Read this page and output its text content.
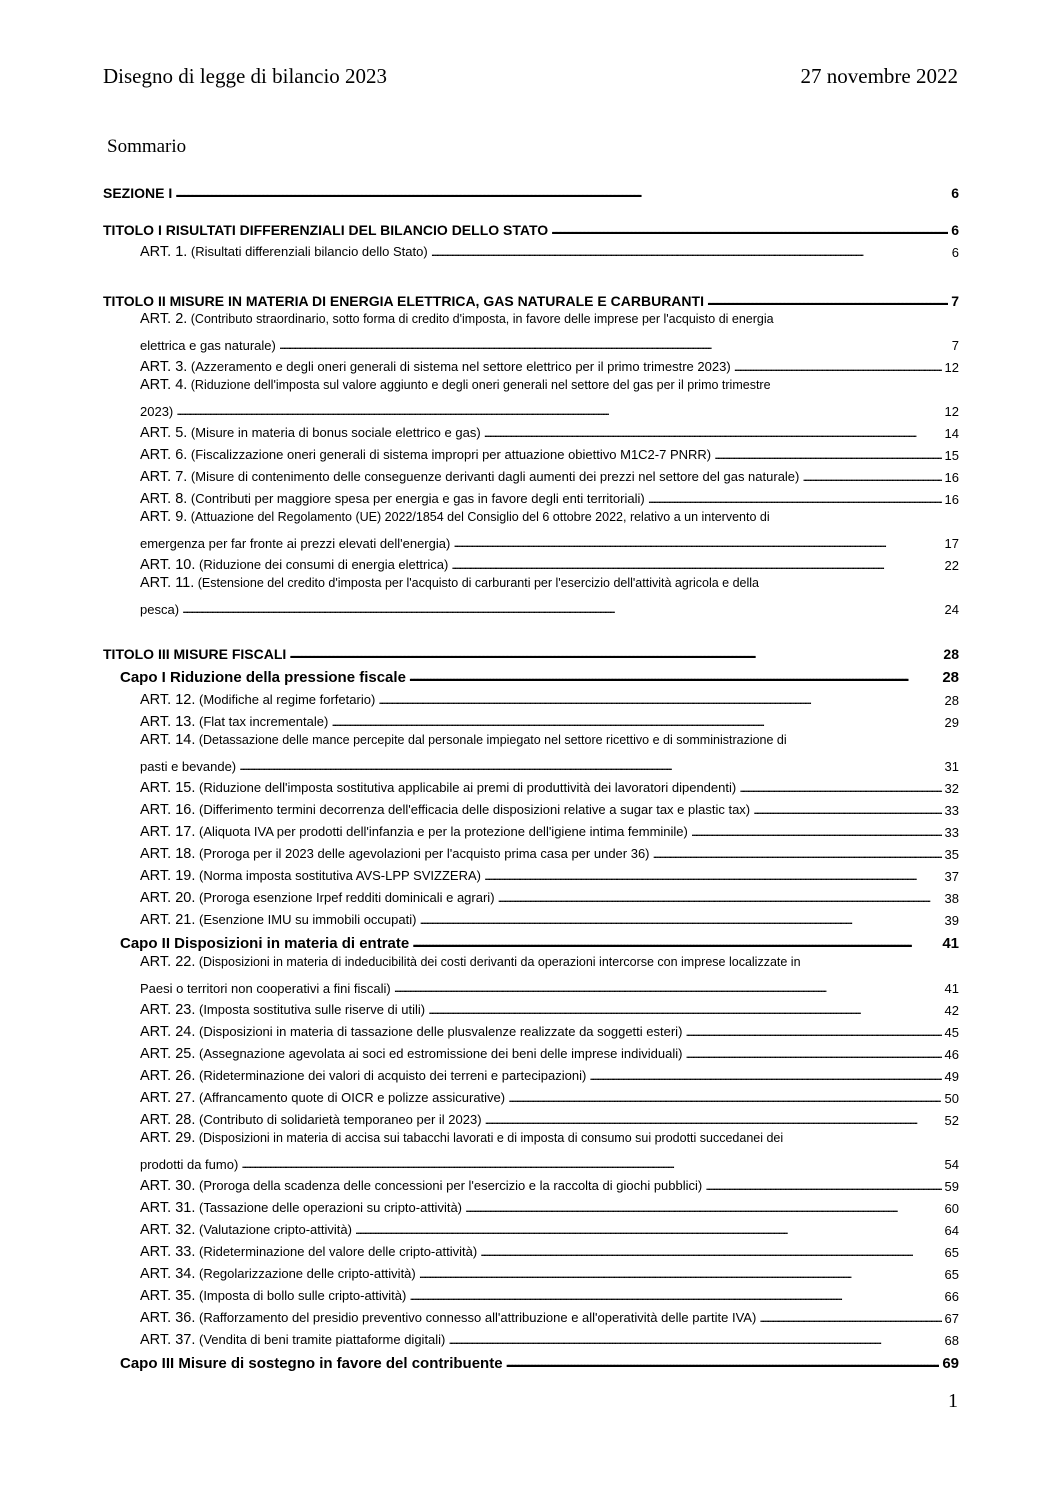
Disegno di legge di bilancio 2023	27 novembre 2022
Sommario
SEZIONE I . . .	6
TITOLO I RISULTATI DIFFERENZIALI DEL BILANCIO DELLO STATO . . .	6
ART. 1. (Risultati differenziali bilancio dello Stato) . . .	6
TITOLO II MISURE IN MATERIA DI ENERGIA ELETTRICA, GAS NATURALE E CARBURANTI . . .	7
ART. 2. (Contributo straordinario, sotto forma di credito d'imposta, in favore delle imprese per l'acquisto di energia
elettrica e gas naturale) . . .	7
ART. 3. (Azzeramento e degli oneri generali di sistema nel settore elettrico per il primo trimestre 2023) . . .	12
ART. 4. (Riduzione dell'imposta sul valore aggiunto e degli oneri generali nel settore del gas per il primo trimestre
2023) . . .	12
ART. 5. (Misure in materia di bonus sociale elettrico e gas) . . .	14
ART. 6. (Fiscalizzazione oneri generali di sistema impropri per attuazione obiettivo M1C2-7 PNRR) . . .	15
ART. 7. (Misure di contenimento delle conseguenze derivanti dagli aumenti dei prezzi nel settore del gas naturale) . . .	16
ART. 8. (Contributi per maggiore spesa per energia e gas in favore degli enti territoriali) . . .	16
ART. 9. (Attuazione del Regolamento (UE) 2022/1854 del Consiglio del 6 ottobre 2022, relativo a un intervento di
emergenza per far fronte ai prezzi elevati dell'energia) . . .	17
ART. 10. (Riduzione dei consumi di energia elettrica) . . .	22
ART. 11. (Estensione del credito d'imposta per l'acquisto di carburanti per l'esercizio dell'attività agricola e della
pesca) . . .	24
TITOLO III MISURE FISCALI . . .	28
Capo I Riduzione della pressione fiscale . . .	28
ART. 12. (Modifiche al regime forfetario) . . .	28
ART. 13. (Flat tax incrementale) . . .	29
ART. 14. (Detassazione delle mance percepite dal personale impiegato nel settore ricettivo e di somministrazione di
pasti e bevande) . . .	31
ART. 15. (Riduzione dell'imposta sostitutiva applicabile ai premi di produttività dei lavoratori dipendenti) . . .	32
ART. 16. (Differimento termini decorrenza dell'efficacia delle disposizioni relative a sugar tax e plastic tax) . . .	33
ART. 17. (Aliquota IVA per prodotti dell'infanzia e per la protezione dell'igiene intima femminile) . . .	33
ART. 18. (Proroga per il 2023 delle agevolazioni per l'acquisto prima casa per under 36) . . .	35
ART. 19. (Norma imposta sostitutiva AVS-LPP SVIZZERA) . . .	37
ART. 20. (Proroga esenzione Irpef redditi dominicali e agrari) . . .	38
ART. 21. (Esenzione IMU su immobili occupati) . . .	39
Capo II Disposizioni in materia di entrate . . .	41
ART. 22. (Disposizioni in materia di indeducibilità dei costi derivanti da operazioni intercorse con imprese localizzate in
Paesi o territori non cooperativi a fini fiscali) . . .	41
ART. 23. (Imposta sostitutiva sulle riserve di utili) . . .	42
ART. 24. (Disposizioni in materia di tassazione delle plusvalenze realizzate da soggetti esteri) . . .	45
ART. 25. (Assegnazione agevolata ai soci ed estromissione dei beni delle imprese individuali) . . .	46
ART. 26. (Rideterminazione dei valori di acquisto dei terreni e partecipazioni) . . .	49
ART. 27. (Affrancamento quote di OICR e polizze assicurative) . . .	50
ART. 28. (Contributo di solidarietà temporaneo per il 2023) . . .	52
ART. 29. (Disposizioni in materia di accisa sui tabacchi lavorati e di imposta di consumo sui prodotti succedanei dei
prodotti da fumo) . . .	54
ART. 30. (Proroga della scadenza delle concessioni per l'esercizio e la raccolta di giochi pubblici) . . .	59
ART. 31. (Tassazione delle operazioni su cripto-attività) . . .	60
ART. 32. (Valutazione cripto-attività) . . .	64
ART. 33. (Rideterminazione del valore delle cripto-attività) . . .	65
ART. 34. (Regolarizzazione delle cripto-attività) . . .	65
ART. 35. (Imposta di bollo sulle cripto-attività) . . .	66
ART. 36. (Rafforzamento del presidio preventivo connesso all'attribuzione e all'operatività delle partite IVA) . . .	67
ART. 37. (Vendita di beni tramite piattaforme digitali) . . .	68
Capo III Misure di sostegno in favore del contribuente . . .	69
1
